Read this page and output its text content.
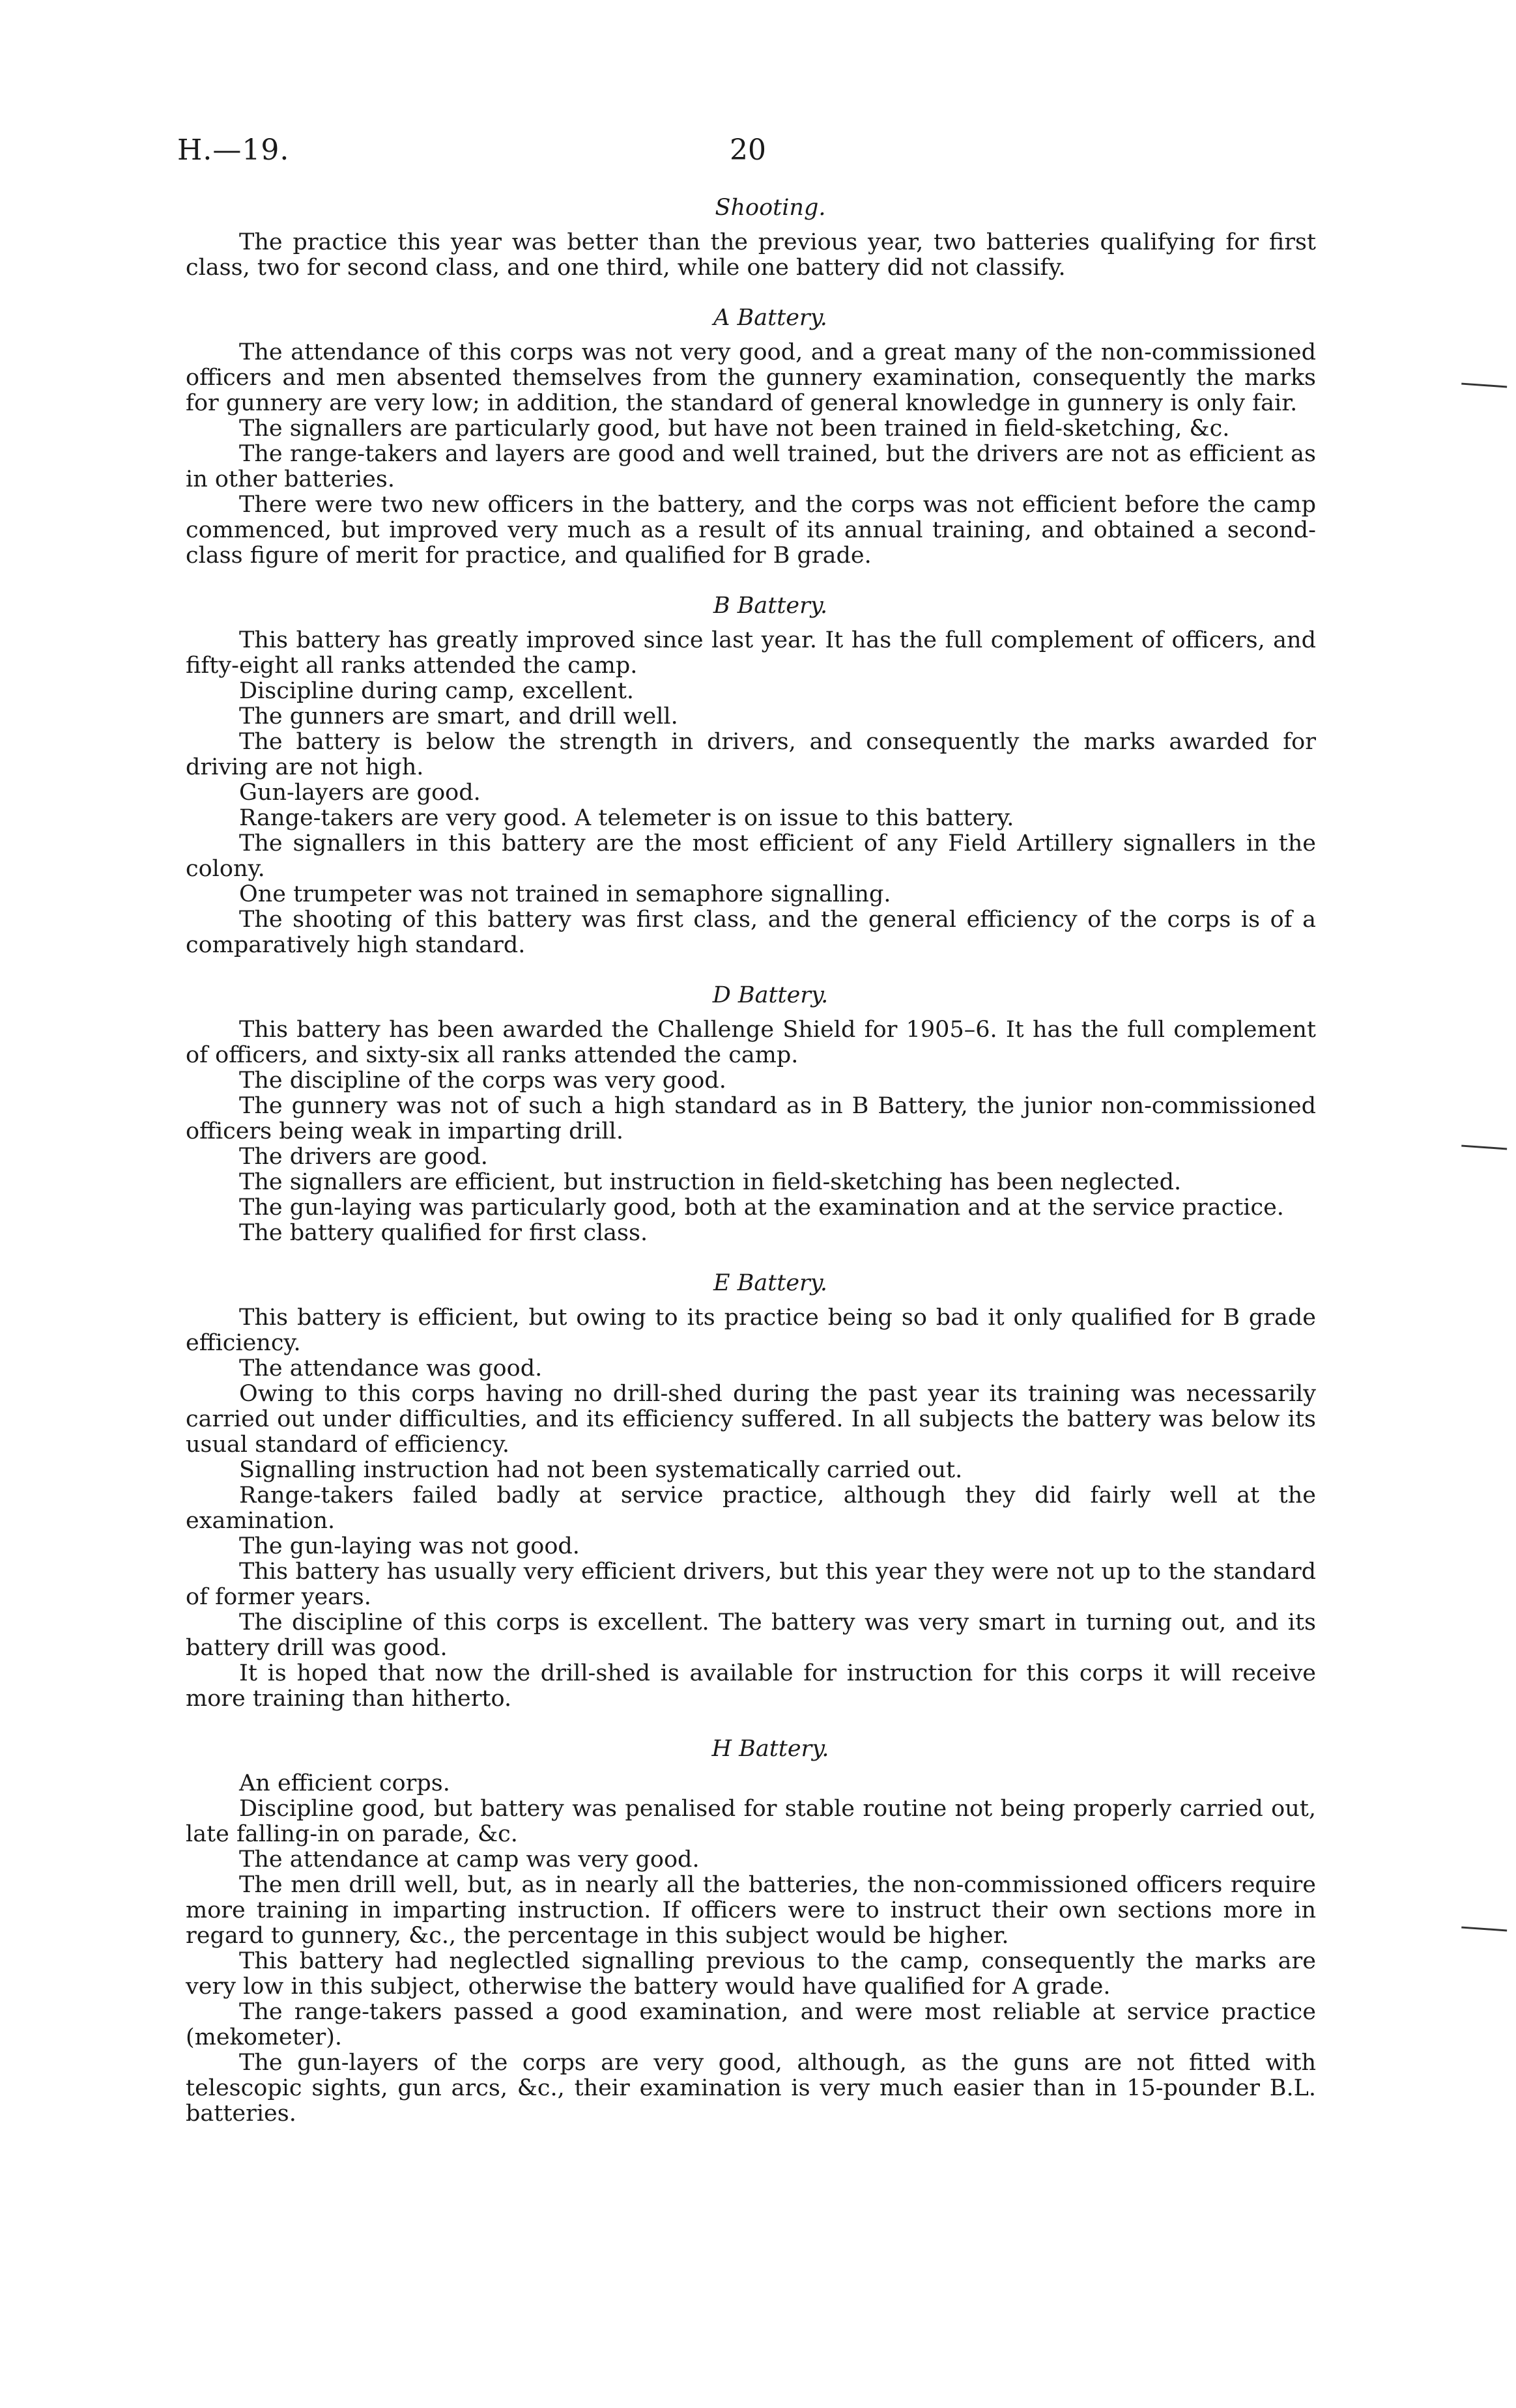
H.—19.	20
Shooting.

The practice this year was better than the previous year, two batteries qualifying for first class, two for second class, and one third, while one battery did not classify.

A Battery.

The attendance of this corps was not very good, and a great many of the non-commissioned officers and men absented themselves from the gunnery examination, consequently the marks for gunnery are very low; in addition, the standard of general knowledge in gunnery is only fair.

The signallers are particularly good, but have not been trained in field-sketching, &c.

The range-takers and layers are good and well trained, but the drivers are not as efficient as in other batteries.

There were two new officers in the battery, and the corps was not efficient before the camp commenced, but improved very much as a result of its annual training, and obtained a second-class figure of merit for practice, and qualified for B grade.

B Battery.

This battery has greatly improved since last year. It has the full complement of officers, and fifty-eight all ranks attended the camp.

Discipline during camp, excellent.

The gunners are smart, and drill well.

The battery is below the strength in drivers, and consequently the marks awarded for driving are not high.

Gun-layers are good.

Range-takers are very good. A telemeter is on issue to this battery.

The signallers in this battery are the most efficient of any Field Artillery signallers in the colony.

One trumpeter was not trained in semaphore signalling.

The shooting of this battery was first class, and the general efficiency of the corps is of a comparatively high standard.

D Battery.

This battery has been awarded the Challenge Shield for 1905–6. It has the full complement of officers, and sixty-six all ranks attended the camp.

The discipline of the corps was very good.

The gunnery was not of such a high standard as in B Battery, the junior non-commissioned officers being weak in imparting drill.

The drivers are good.

The signallers are efficient, but instruction in field-sketching has been neglected.

The gun-laying was particularly good, both at the examination and at the service practice.

The battery qualified for first class.

E Battery.

This battery is efficient, but owing to its practice being so bad it only qualified for B grade efficiency.

The attendance was good.

Owing to this corps having no drill-shed during the past year its training was necessarily carried out under difficulties, and its efficiency suffered. In all subjects the battery was below its usual standard of efficiency.

Signalling instruction had not been systematically carried out.

Range-takers failed badly at service practice, although they did fairly well at the examination.

The gun-laying was not good.

This battery has usually very efficient drivers, but this year they were not up to the standard of former years.

The discipline of this corps is excellent. The battery was very smart in turning out, and its battery drill was good.

It is hoped that now the drill-shed is available for instruction for this corps it will receive more training than hitherto.

H Battery.

An efficient corps.

Discipline good, but battery was penalised for stable routine not being properly carried out, late falling-in on parade, &c.

The attendance at camp was very good.

The men drill well, but, as in nearly all the batteries, the non-commissioned officers require more training in imparting instruction. If officers were to instruct their own sections more in regard to gunnery, &c., the percentage in this subject would be higher.

This battery had neglectled signalling previous to the camp, consequently the marks are very low in this subject, otherwise the battery would have qualified for A grade.

The range-takers passed a good examination, and were most reliable at service practice (mekometer).

The gun-layers of the corps are very good, although, as the guns are not fitted with telescopic sights, gun arcs, &c., their examination is very much easier than in 15-pounder B.L. batteries.
